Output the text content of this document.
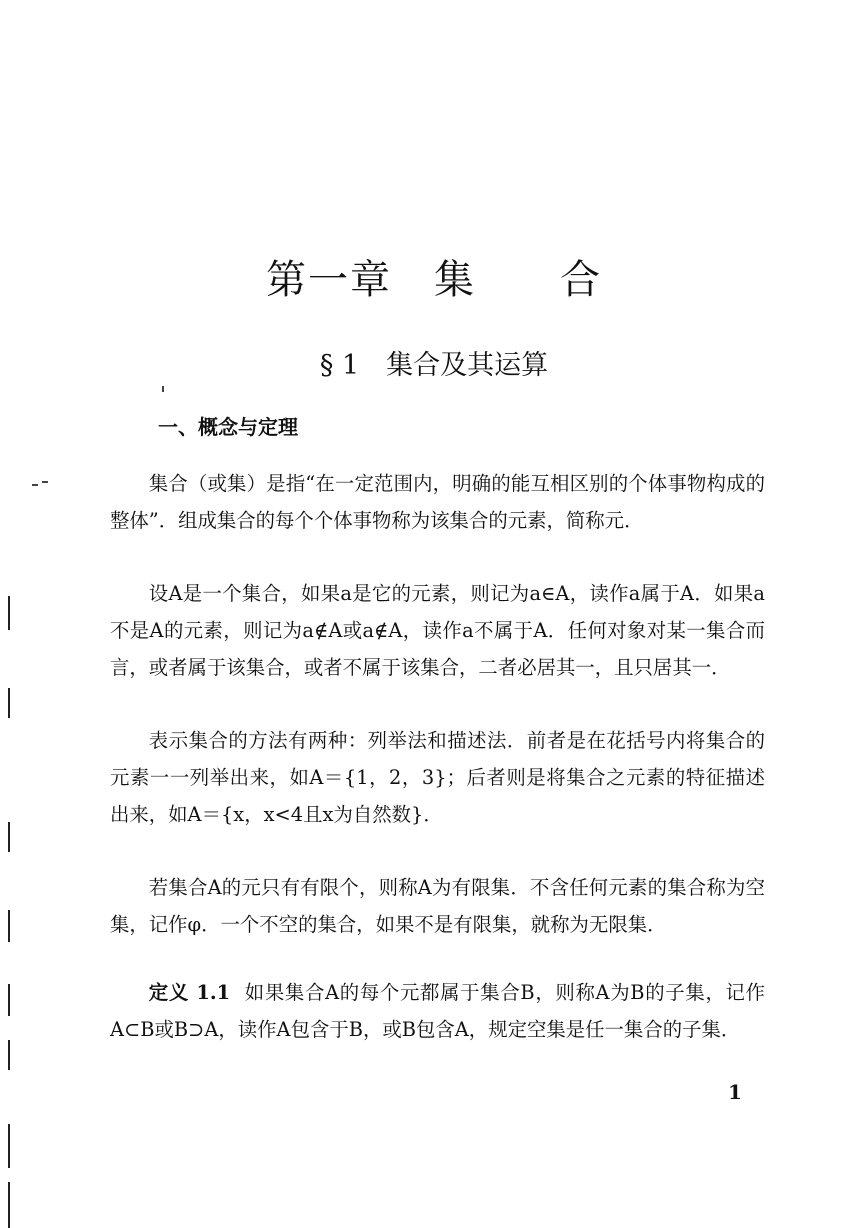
第一章　集　　合
§ 1　集合及其运算
一、概念与定理

集合（或集）是指“在一定范围内，明确的能互相区别的个体事物构成的整体”．组成集合的每个个体事物称为该集合的元素，简称元．

设A是一个集合，如果a是它的元素，则记为a∈A，读作a属于A．如果a不是A的元素，则记为a∉A或a∉A，读作a不属于A．任何对象对某一集合而言，或者属于该集合，或者不属于该集合，二者必居其一，且只居其一．

表示集合的方法有两种：列举法和描述法．前者是在花括号内将集合的元素一一列举出来，如A＝{1，2，3}；后者则是将集合之元素的特征描述出来，如A＝{x，x<4且x为自然数}．

若集合A的元只有有限个，则称A为有限集．不含任何元素的集合称为空集，记作φ．一个不空的集合，如果不是有限集，就称为无限集．

定义 1.1 如果集合A的每个元都属于集合B，则称A为B的子集，记作A⊂B或B⊃A，读作A包含于B，或B包含A，规定空集是任一集合的子集．

1
